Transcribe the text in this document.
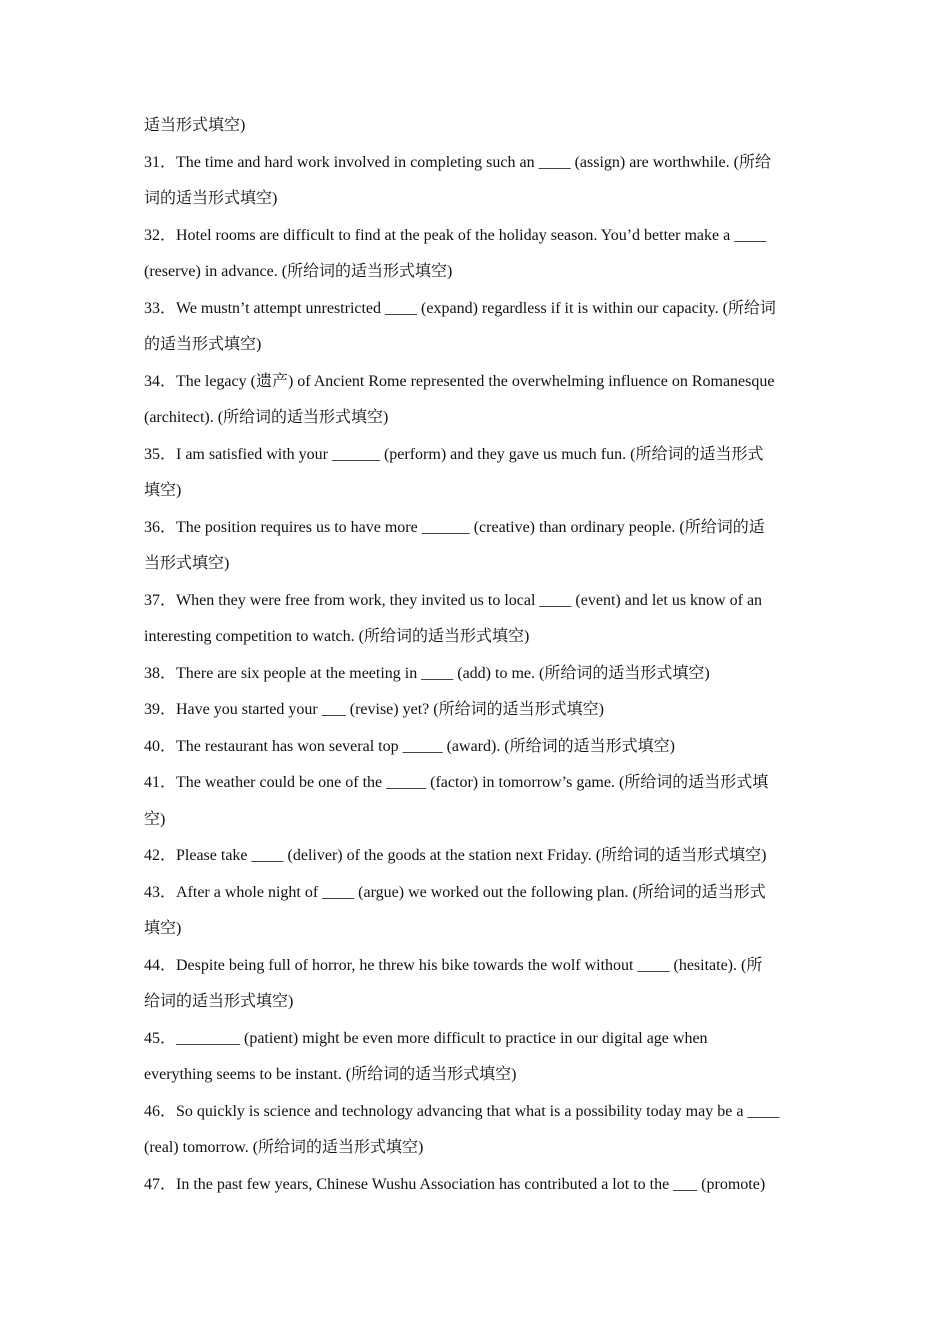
适当形式填空)
31．The time and hard work involved in completing such an ____ (assign) are worthwhile. (所给
词的适当形式填空)
32．Hotel rooms are difficult to find at the peak of the holiday season. You’d better make a ____
(reserve) in advance. (所给词的适当形式填空)
33．We mustn’t attempt unrestricted ____ (expand) regardless if it is within our capacity. (所给词
的适当形式填空)
34．The legacy (遗产) of Ancient Rome represented the overwhelming influence on Romanesque
(architect). (所给词的适当形式填空)
35．I am satisfied with your ______ (perform) and they gave us much fun. (所给词的适当形式
填空)
36．The position requires us to have more ______ (creative) than ordinary people. (所给词的适
当形式填空)
37．When they were free from work, they invited us to local ____ (event) and let us know of an
interesting competition to watch. (所给词的适当形式填空)
38．There are six people at the meeting in ____ (add) to me. (所给词的适当形式填空)
39．Have you started your ___ (revise) yet? (所给词的适当形式填空)
40．The restaurant has won several top _____ (award). (所给词的适当形式填空)
41．The weather could be one of the _____ (factor) in tomorrow’s game. (所给词的适当形式填
空)
42．Please take ____ (deliver) of the goods at the station next Friday. (所给词的适当形式填空)
43．After a whole night of ____ (argue) we worked out the following plan. (所给词的适当形式
填空)
44．Despite being full of horror, he threw his bike towards the wolf without ____ (hesitate). (所
给词的适当形式填空)
45．________ (patient) might be even more difficult to practice in our digital age when
everything seems to be instant. (所给词的适当形式填空)
46．So quickly is science and technology advancing that what is a possibility today may be a ____
(real) tomorrow. (所给词的适当形式填空)
47．In the past few years, Chinese Wushu Association has contributed a lot to the ___ (promote)
